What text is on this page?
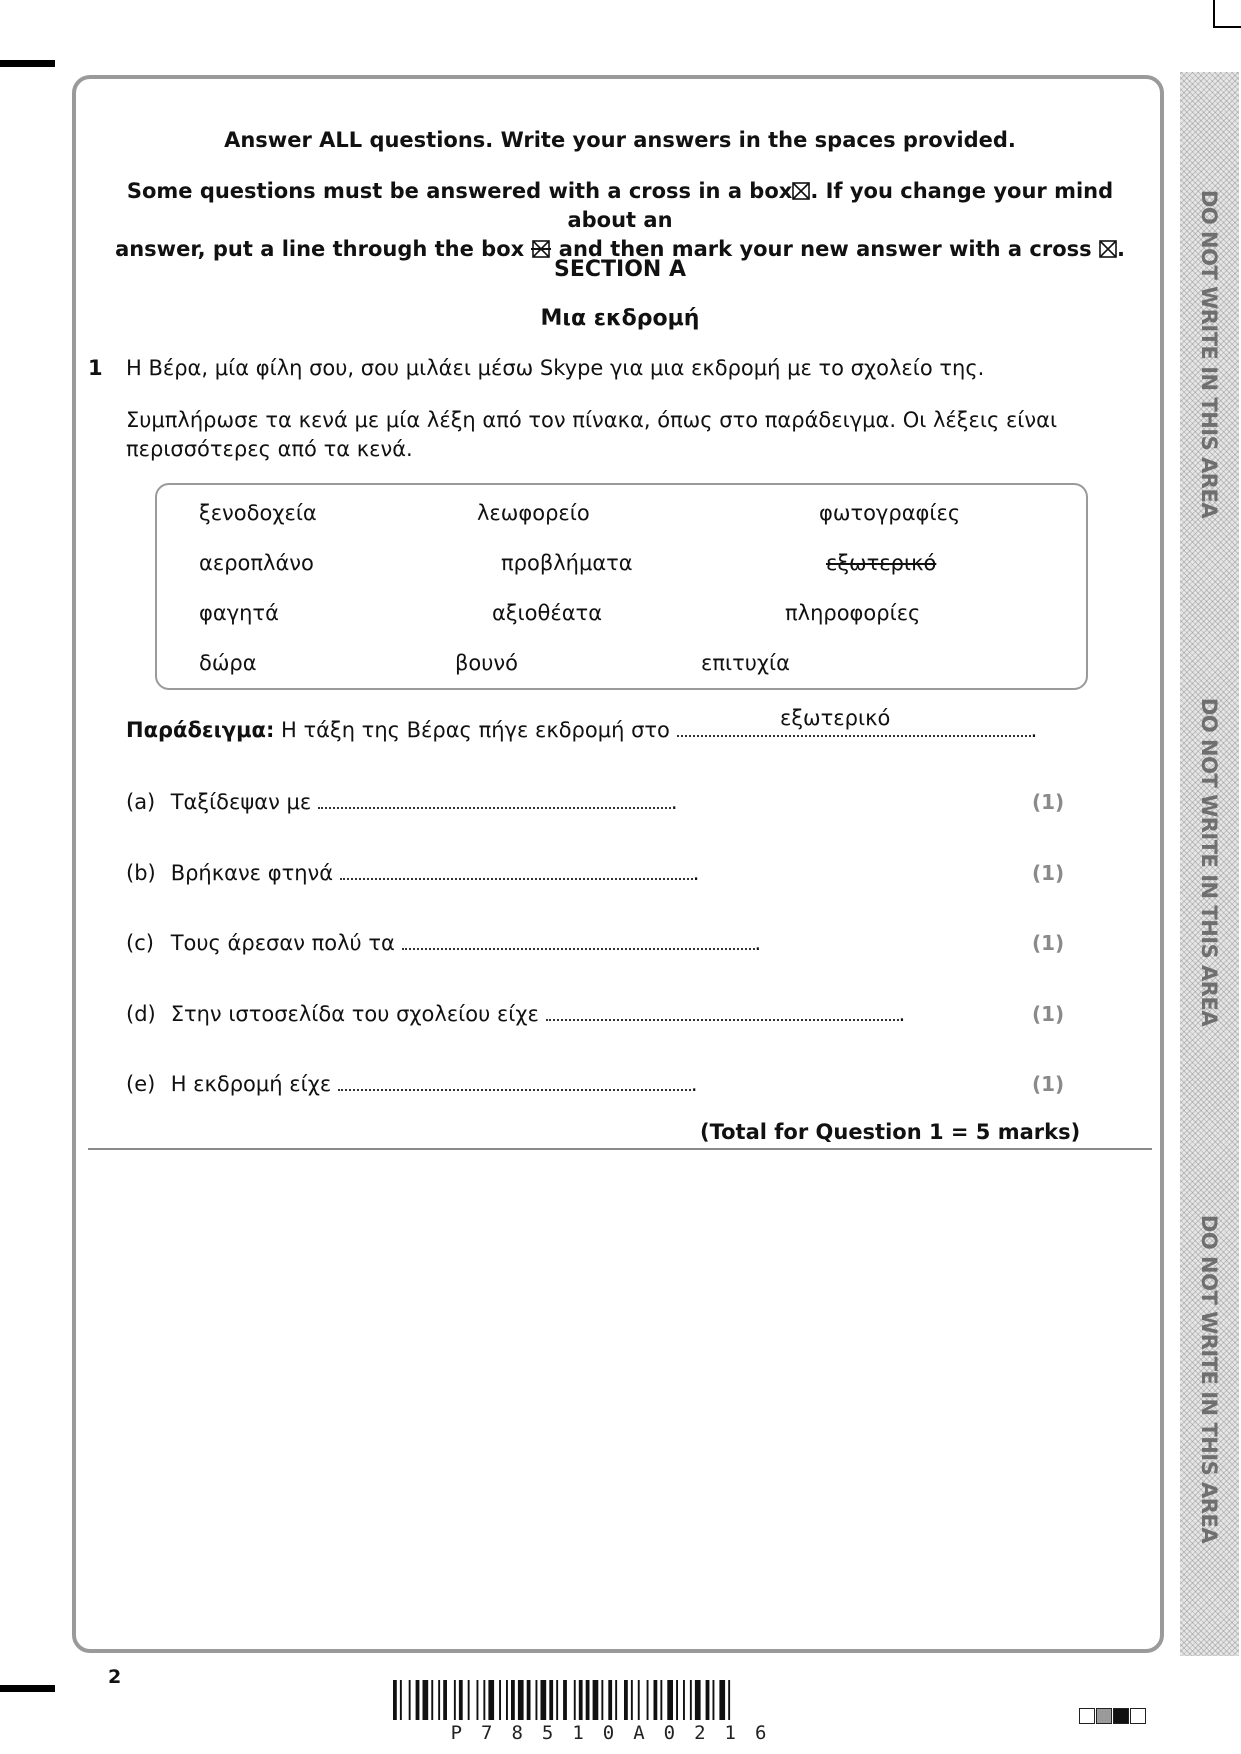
DO NOT WRITE IN THIS AREA
DO NOT WRITE IN THIS AREA
DO NOT WRITE IN THIS AREA
Answer ALL questions. Write your answers in the spaces provided.
Some questions must be answered with a cross in a box☒. If you change your mind about an
answer, put a line through the box and then mark your new answer with a cross ☒.
SECTION A
Μια εκδρομή
1 Η Βέρα, μία φίλη σου, σου μιλάει μέσω Skype για μια εκδρομή με το σχολείο της.
Συμπλήρωσε τα κενά με μία λέξη από τον πίνακα, όπως στο παράδειγμα. Οι λέξεις είναι περισσότερες από τα κενά.
ξενοδοχεία	λεωφορείο	φωτογραφίες
αεροπλάνο	προβλήματα	εξωτερικό
φαγητά	αξιοθέατα	πληροφορίες
δώρα	βουνό	επιτυχία
Παράδειγμα: Η τάξη της Βέρας πήγε εκδρομή στο	.
εξωτερικό
(a) Ταξίδεψαν με	.	(1)
(b) Βρήκανε φτηνά	.	(1)
(c) Τους άρεσαν πολύ τα	.	(1)
(d) Στην ιστοσελίδα του σχολείου είχε	.	(1)
(e) Η εκδρομή είχε	.	(1)
(Total for Question 1 = 5 marks)
2
P78510A0216
